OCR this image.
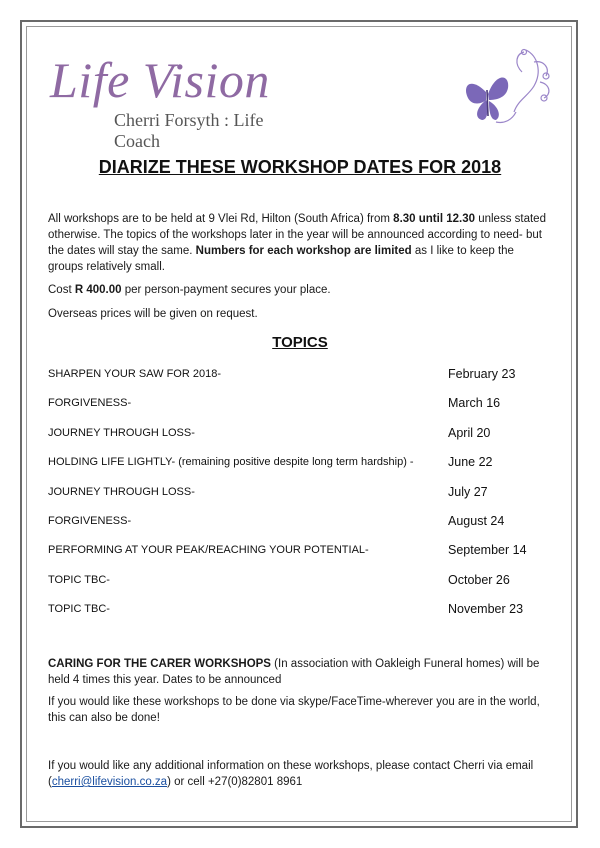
Life Vision
Cherri Forsyth : Life Coach
DIARIZE THESE WORKSHOP DATES FOR 2018
All workshops are to be held at 9 Vlei Rd, Hilton (South Africa) from 8.30 until 12.30 unless stated otherwise. The topics of the workshops later in the year will be announced according to need- but the dates will stay the same. Numbers for each workshop are limited as I like to keep the groups relatively small.
Cost R 400.00 per person-payment secures your place.
Overseas prices will be given on request.
TOPICS
SHARPEN YOUR SAW FOR 2018-	February 23
FORGIVENESS-	March 16
JOURNEY THROUGH LOSS-	April 20
HOLDING LIFE LIGHTLY- (remaining positive despite long term hardship) -	June 22
JOURNEY THROUGH LOSS-	July 27
FORGIVENESS-	August 24
PERFORMING AT YOUR PEAK/REACHING YOUR POTENTIAL-	September 14
TOPIC TBC-	October 26
TOPIC TBC-	November 23
CARING FOR THE CARER WORKSHOPS (In association with Oakleigh Funeral homes) will be held 4 times this year. Dates to be announced
If you would like these workshops to be done via skype/FaceTime-wherever you are in the world, this can also be done!
If you would like any additional information on these workshops, please contact Cherri via email (cherri@lifevision.co.za) or cell +27(0)82801 8961
